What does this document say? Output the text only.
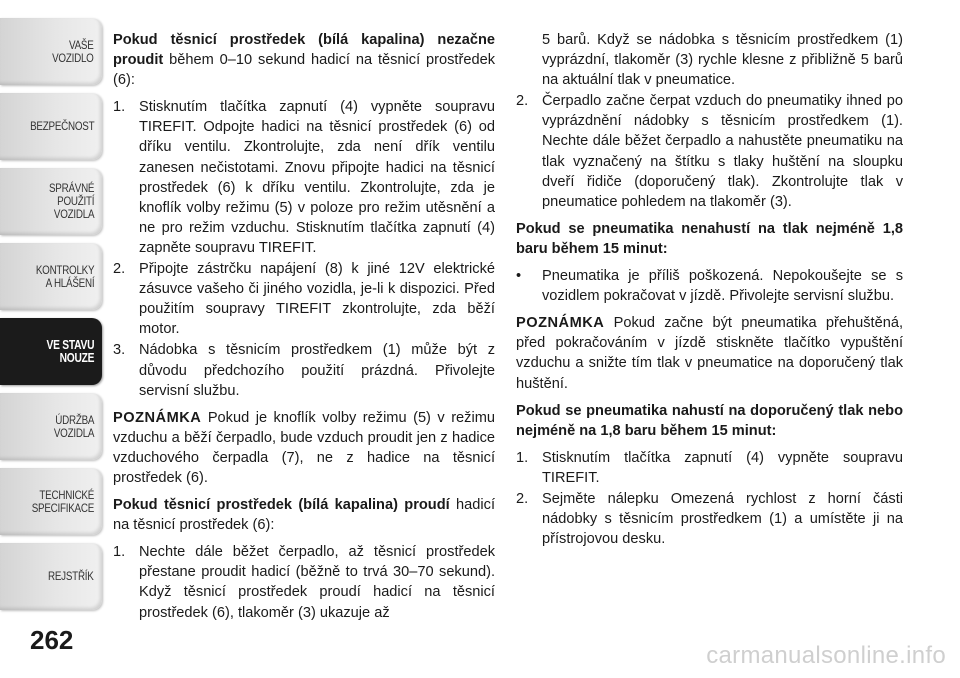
VAŠE
VOZIDLO
BEZPEČNOST
SPRÁVNÉ
POUŽITÍ
VOZIDLA
KONTROLKY
A HLÁŠENÍ
VE STAVU
NOUZE
ÚDRŽBA
VOZIDLA
TECHNICKÉ
SPECIFIKACE
REJSTŘÍK
262

Pokud těsnicí prostředek (bílá kapalina) nezačne proudit během 0–10 sekund hadicí na těsnicí prostředek (6):

1. Stisknutím tlačítka zapnutí (4) vypněte soupravu TIREFIT. Odpojte hadici na těsnicí prostředek (6) od dříku ventilu. Zkontrolujte, zda není dřík ventilu zanesen nečistotami. Znovu připojte hadici na těsnicí prostředek (6) k dříku ventilu. Zkontrolujte, zda je knoflík volby režimu (5) v poloze pro režim utěsnění a ne pro režim vzduchu. Stisknutím tlačítka zapnutí (4) zapněte soupravu TIREFIT.
2. Připojte zástrčku napájení (8) k jiné 12V elektrické zásuvce vašeho či jiného vozidla, je-li k dispozici. Před použitím soupravy TIREFIT zkontrolujte, zda běží motor.
3. Nádobka s těsnicím prostředkem (1) může být z důvodu předchozího použití prázdná. Přivolejte servisní službu.

POZNÁMKA Pokud je knoflík volby režimu (5) v režimu vzduchu a běží čerpadlo, bude vzduch proudit jen z hadice vzduchového čerpadla (7), ne z hadice na těsnicí prostředek (6).

Pokud těsnicí prostředek (bílá kapalina) proudí hadicí na těsnicí prostředek (6):

1. Nechte dále běžet čerpadlo, až těsnicí prostředek přestane proudit hadicí (běžně to trvá 30–70 sekund). Když těsnicí prostředek proudí hadicí na těsnicí prostředek (6), tlakoměr (3) ukazuje až

5 barů. Když se nádobka s těsnicím prostředkem (1) vyprázdní, tlakoměr (3) rychle klesne z přibližně 5 barů na aktuální tlak v pneumatice.

2. Čerpadlo začne čerpat vzduch do pneumatiky ihned po vyprázdnění nádobky s těsnicím prostředkem (1). Nechte dále běžet čerpadlo a nahustěte pneumatiku na tlak vyznačený na štítku s tlaky huštění na sloupku dveří řidiče (doporučený tlak). Zkontrolujte tlak v pneumatice pohledem na tlakoměr (3).

Pokud se pneumatika nenahustí na tlak nejméně 1,8 baru během 15 minut:

• Pneumatika je příliš poškozená. Nepokoušejte se s vozidlem pokračovat v jízdě. Přivolejte servisní službu.

POZNÁMKA Pokud začne být pneumatika přehuštěná, před pokračováním v jízdě stiskněte tlačítko vypuštění vzduchu a snižte tím tlak v pneumatice na doporučený tlak huštění.

Pokud se pneumatika nahustí na doporučený tlak nebo nejméně na 1,8 baru během 15 minut:

1. Stisknutím tlačítka zapnutí (4) vypněte soupravu TIREFIT.
2. Sejměte nálepku Omezená rychlost z horní části nádobky s těsnicím prostředkem (1) a umístěte ji na přístrojovou desku.
carmanualsonline.info
